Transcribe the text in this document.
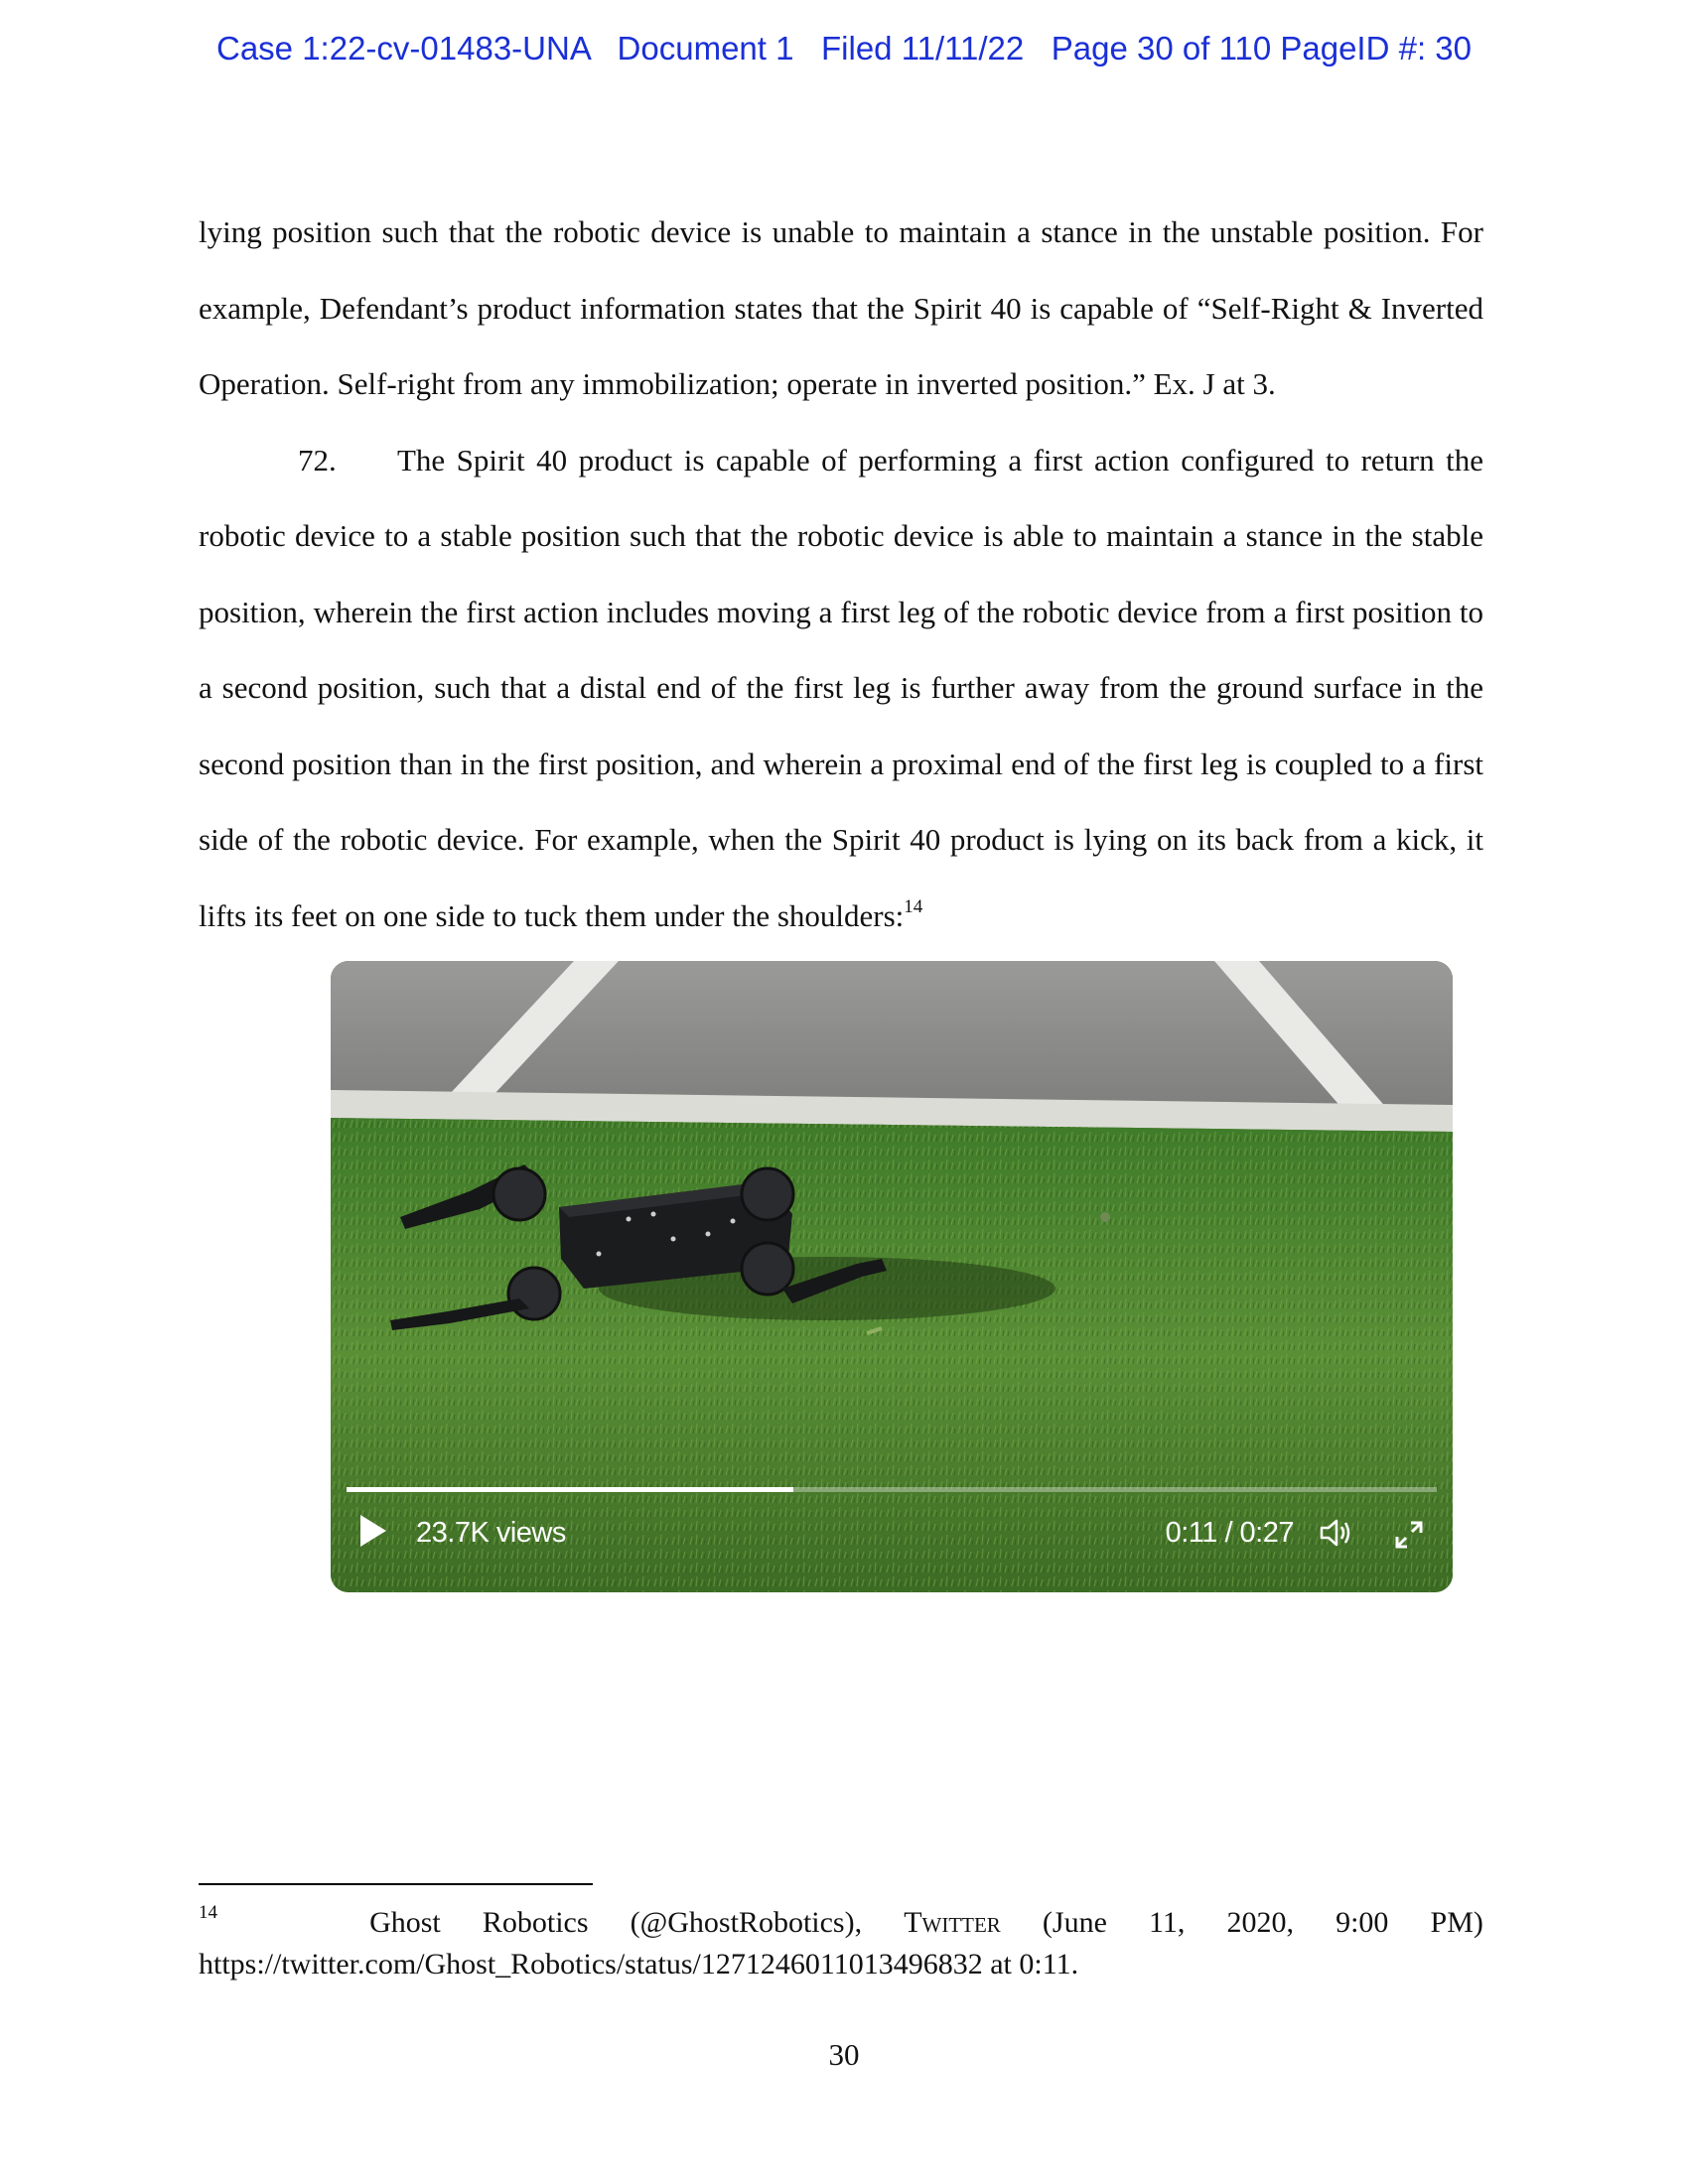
Case 1:22-cv-01483-UNA Document 1 Filed 11/11/22 Page 30 of 110 PageID #: 30

lying position such that the robotic device is unable to maintain a stance in the unstable position. For example, Defendant’s product information states that the Spirit 40 is capable of “Self-Right & Inverted Operation. Self-right from any immobilization; operate in inverted position.” Ex. J at 3.

72. The Spirit 40 product is capable of performing a first action configured to return the robotic device to a stable position such that the robotic device is able to maintain a stance in the stable position, wherein the first action includes moving a first leg of the robotic device from a first position to a second position, such that a distal end of the first leg is further away from the ground surface in the second position than in the first position, and wherein a proximal end of the first leg is coupled to a first side of the robotic device. For example, when the Spirit 40 product is lying on its back from a kick, it lifts its feet on one side to tuck them under the shoulders:$^{14}$

23.7K views	0:11 / 0:27
14	Ghost Robotics (@GhostRobotics), Twitter (June 11, 2020, 9:00 PM)
https://twitter.com/Ghost_Robotics/status/1271246011013496832 at 0:11.
30
